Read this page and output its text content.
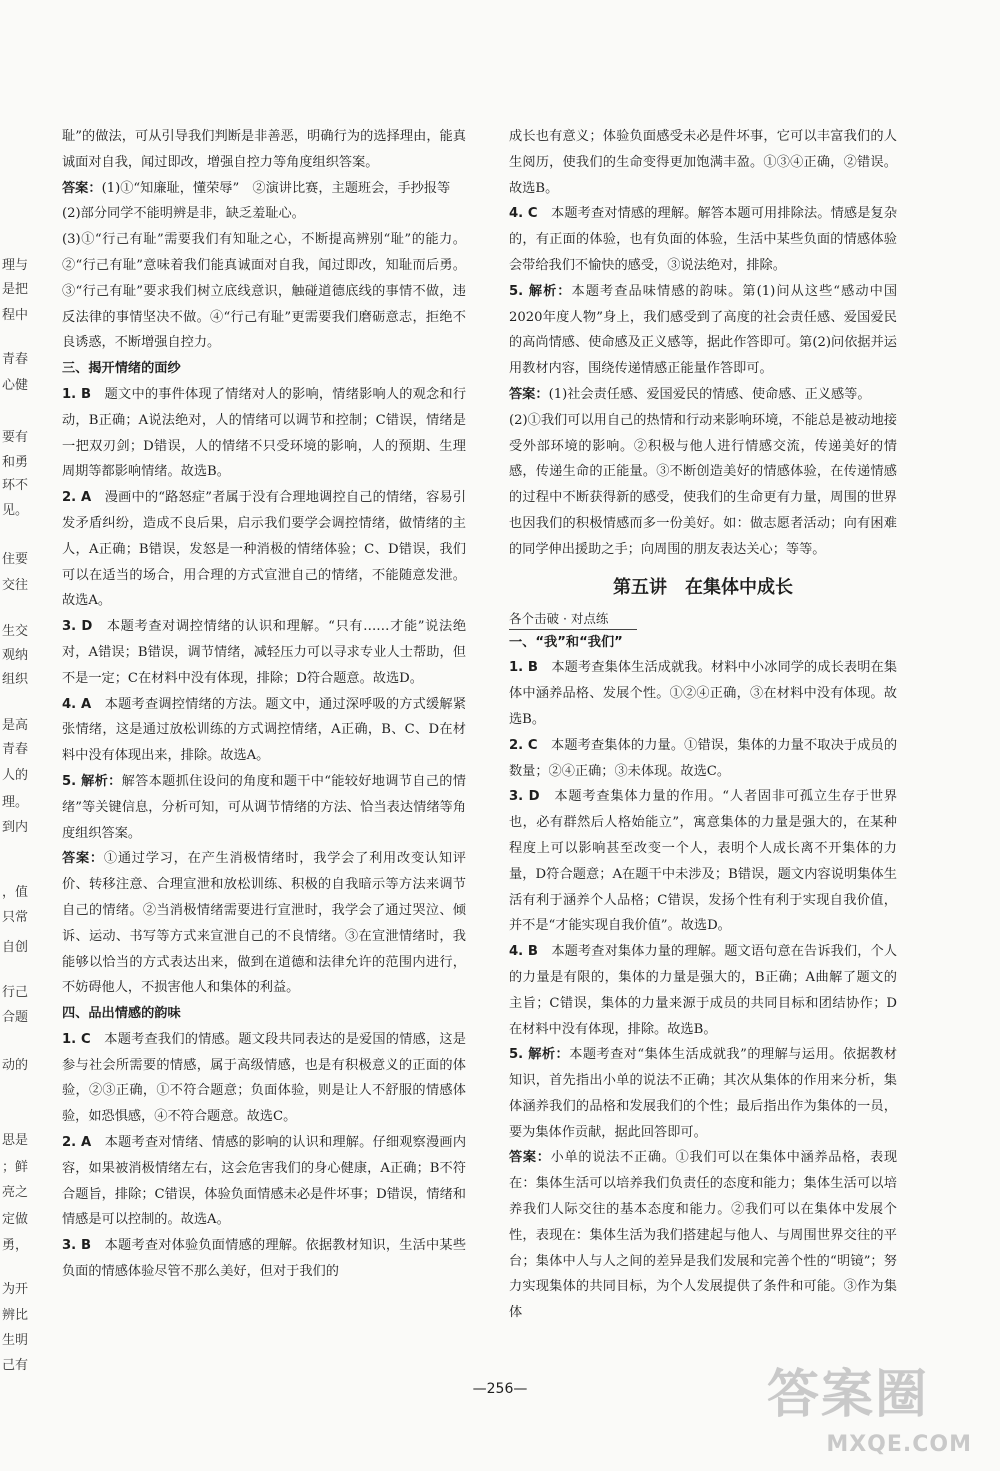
理与
是把
程中
青春
心健
要有
和勇
环不
见。
住要
交往
生交
观纳
组织
是高
青春
人的
理。
到内
，值
只常
自创
行己
合题
动的
思是
；鲜
亮之
定做
勇，
为开
辨比
生明
己有

耻”的做法，可从引导我们判断是非善恶，明确行为的选择理由，能真诚面对自我，闻过即改，增强自控力等角度组织答案。

答案：(1)①“知廉耻，懂荣辱”　②演讲比赛，主题班会，手抄报等

(2)部分同学不能明辨是非，缺乏羞耻心。

(3)①“行己有耻”需要我们有知耻之心，不断提高辨别“耻”的能力。②“行己有耻”意味着我们能真诚面对自我，闻过即改，知耻而后勇。③“行己有耻”要求我们树立底线意识，触碰道德底线的事情不做，违反法律的事情坚决不做。④“行己有耻”更需要我们磨砺意志，拒绝不良诱惑，不断增强自控力。

三、揭开情绪的面纱

1. B　 题文中的事件体现了情绪对人的影响，情绪影响人的观念和行动，B正确；A说法绝对，人的情绪可以调节和控制；C错误，情绪是一把双刃剑；D错误，人的情绪不只受环境的影响，人的预期、生理周期等都影响情绪。故选B。

2. A　 漫画中的“路怒症”者属于没有合理地调控自己的情绪，容易引发矛盾纠纷，造成不良后果，启示我们要学会调控情绪，做情绪的主人，A正确；B错误，发怒是一种消极的情绪体验；C、D错误，我们可以在适当的场合，用合理的方式宣泄自己的情绪，不能随意发泄。故选A。

3. D　 本题考查对调控情绪的认识和理解。“只有……才能”说法绝对，A错误；B错误，调节情绪，减轻压力可以寻求专业人士帮助，但不是一定；C在材料中没有体现，排除；D符合题意。故选D。

4. A　 本题考查调控情绪的方法。题文中，通过深呼吸的方式缓解紧张情绪，这是通过放松训练的方式调控情绪，A正确，B、C、D在材料中没有体现出来，排除。故选A。

5. 解析：解答本题抓住设问的角度和题干中“能较好地调节自己的情绪”等关键信息，分析可知，可从调节情绪的方法、恰当表达情绪等角度组织答案。

答案：①通过学习，在产生消极情绪时，我学会了利用改变认知评价、转移注意、合理宣泄和放松训练、积极的自我暗示等方法来调节自己的情绪。②当消极情绪需要进行宣泄时，我学会了通过哭泣、倾诉、运动、书写等方式来宣泄自己的不良情绪。③在宣泄情绪时，我能够以恰当的方式表达出来，做到在道德和法律允许的范围内进行，不妨碍他人，不损害他人和集体的利益。

四、品出情感的韵味

1. C　 本题考查我们的情感。题文段共同表达的是爱国的情感，这是参与社会所需要的情感，属于高级情感，也是有积极意义的正面的体验，②③正确，①不符合题意；负面体验，则是让人不舒服的情感体验，如恐惧感，④不符合题意。故选C。

2. A　 本题考查对情绪、情感的影响的认识和理解。仔细观察漫画内容，如果被消极情绪左右，这会危害我们的身心健康，A正确；B不符合题旨，排除；C错误，体验负面情感未必是件坏事；D错误，情绪和情感是可以控制的。故选A。

3. B　 本题考查对体验负面情感的理解。依据教材知识，生活中某些负面的情感体验尽管不那么美好，但对于我们的

成长也有意义；体验负面感受未必是件坏事，它可以丰富我们的人生阅历，使我们的生命变得更加饱满丰盈。①③④正确，②错误。故选B。

4. C　 本题考查对情感的理解。解答本题可用排除法。情感是复杂的，有正面的体验，也有负面的体验，生活中某些负面的情感体验会带给我们不愉快的感受，③说法绝对，排除。

5. 解析：本题考查品味情感的韵味。第(1)问从这些“感动中国2020年度人物”身上，我们感受到了高度的社会责任感、爱国爱民的高尚情感、使命感及正义感等，据此作答即可。第(2)问依据并运用教材内容，围绕传递情感正能量作答即可。

答案：(1)社会责任感、爱国爱民的情感、使命感、正义感等。

(2)①我们可以用自己的热情和行动来影响环境，不能总是被动地接受外部环境的影响。②积极与他人进行情感交流，传递美好的情感，传递生命的正能量。③不断创造美好的情感体验，在传递情感的过程中不断获得新的感受，使我们的生命更有力量，周围的世界也因我们的积极情感而多一份美好。如：做志愿者活动；向有困难的同学伸出援助之手；向周围的朋友表达关心；等等。

第五讲　在集体中成长
各个击破 · 对点练

一、“我”和“我们”

1. B　 本题考查集体生活成就我。材料中小冰同学的成长表明在集体中涵养品格、发展个性。①②④正确，③在材料中没有体现。故选B。

2. C　 本题考查集体的力量。①错误，集体的力量不取决于成员的数量；②④正确；③未体现。故选C。

3. D　 本题考查集体力量的作用。“人者固非可孤立生存于世界也，必有群然后人格始能立”，寓意集体的力量是强大的，在某种程度上可以影响甚至改变一个人，表明个人成长离不开集体的力量，D符合题意；A在题干中未涉及；B错误，题文内容说明集体生活有利于涵养个人品格；C错误，发扬个性有利于实现自我价值，并不是“才能实现自我价值”。故选D。

4. B　 本题考查对集体力量的理解。题文语句意在告诉我们，个人的力量是有限的，集体的力量是强大的，B正确；A曲解了题文的主旨；C错误，集体的力量来源于成员的共同目标和团结协作；D在材料中没有体现，排除。故选B。

5. 解析：本题考查对“集体生活成就我”的理解与运用。依据教材知识，首先指出小单的说法不正确；其次从集体的作用来分析，集体涵养我们的品格和发展我们的个性；最后指出作为集体的一员，要为集体作贡献，据此回答即可。

答案：小单的说法不正确。①我们可以在集体中涵养品格，表现在：集体生活可以培养我们负责任的态度和能力；集体生活可以培养我们人际交往的基本态度和能力。②我们可以在集体中发展个性，表现在：集体生活为我们搭建起与他人、与周围世界交往的平台；集体中人与人之间的差异是我们发展和完善个性的“明镜”；努力实现集体的共同目标，为个人发展提供了条件和可能。③作为集体

—256—	答案圈
MXQE.COM
